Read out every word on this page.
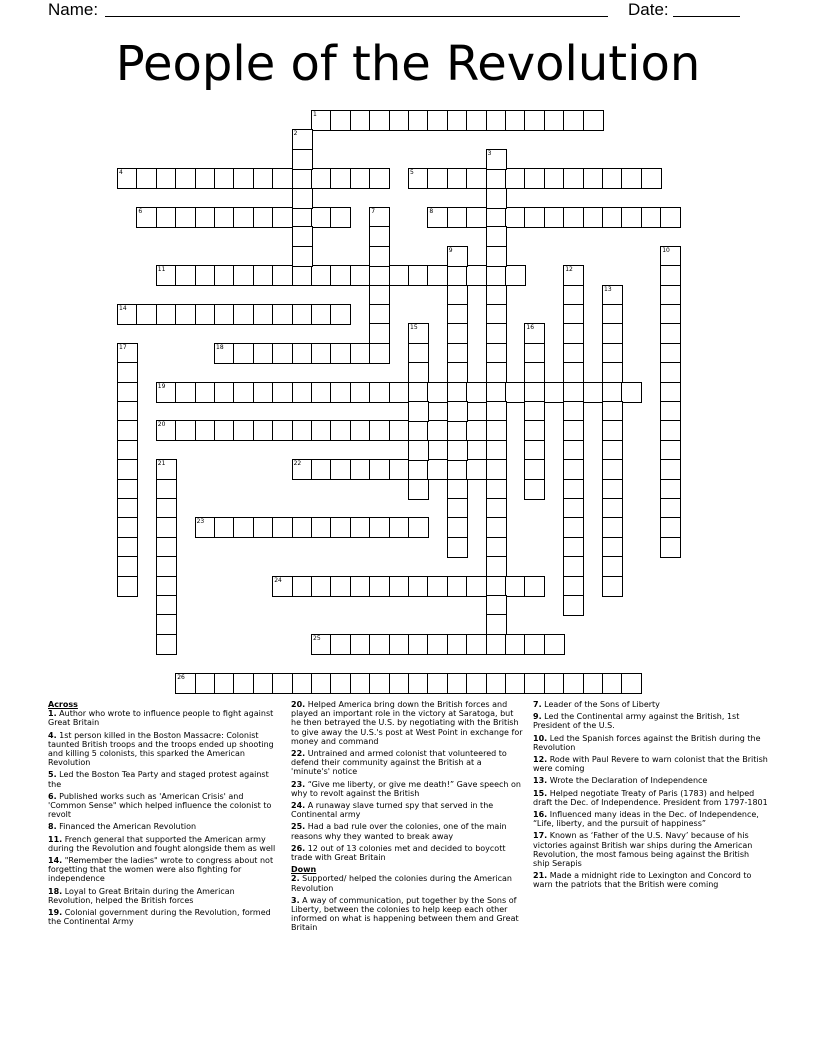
Name:	Date:
People of the Revolution
1
4	5
6	8
11
14
18
19
20
22
23
24
25
26
2
3
7
9	10
12
13
15	16
17
21
Across
1. Author who wrote to influence people to fight against Great Britain
4. 1st person killed in the Boston Massacre: Colonist taunted British troops and the troops ended up shooting and killing 5 colonists, this sparked the American Revolution
5. Led the Boston Tea Party and staged protest against the
6. Published works such as 'American Crisis' and 'Common Sense" which helped influence the colonist to revolt
8. Financed the American Revolution
11. French general that supported the American army during the Revolution and fought alongside them as well
14. "Remember the ladies" wrote to congress about not forgetting that the women were also fighting for independence
18. Loyal to Great Britain during the American Revolution, helped the British forces
19. Colonial government during the Revolution, formed the Continental Army
20. Helped America bring down the British forces and played an important role in the victory at Saratoga, but he then betrayed the U.S. by negotiating with the British to give away the U.S.'s post at West Point in exchange for money and command
22. Untrained and armed colonist that volunteered to defend their community against the British at a 'minute's' notice
23. “Give me liberty, or give me death!” Gave speech on why to revolt against the British
24. A runaway slave turned spy that served in the Continental army
25. Had a bad rule over the colonies, one of the main reasons why they wanted to break away
26. 12 out of 13 colonies met and decided to boycott trade with Great Britain
Down
2. Supported/ helped the colonies during the American Revolution
3. A way of communication, put together by the Sons of Liberty, between the colonies to help keep each other informed on what is happening between them and Great Britain
7. Leader of the Sons of Liberty
9. Led the Continental army against the British, 1st President of the U.S.
10. Led the Spanish forces against the British during the Revolution
12. Rode with Paul Revere to warn colonist that the British were coming
13. Wrote the Declaration of Independence
15. Helped negotiate Treaty of Paris (1783) and helped draft the Dec. of Independence. President from 1797-1801
16. Influenced many ideas in the Dec. of Independence, “Life, liberty, and the pursuit of happiness”
17. Known as ‘Father of the U.S. Navy’ because of his victories against British war ships during the American Revolution, the most famous being against the British ship Serapis
21. Made a midnight ride to Lexington and Concord to warn the patriots that the British were coming
